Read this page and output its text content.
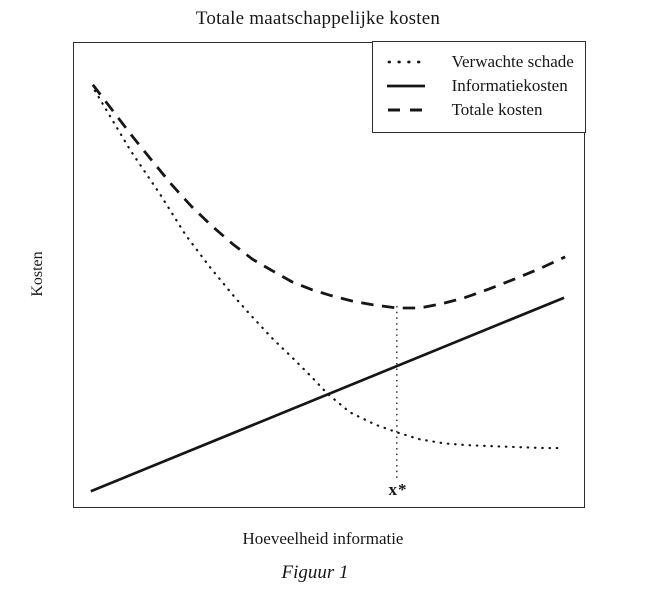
Totale maatschappelijke kosten
Kosten
Verwachte schade
Informatiekosten
Totale kosten
x*
Hoeveelheid informatie
Figuur 1
